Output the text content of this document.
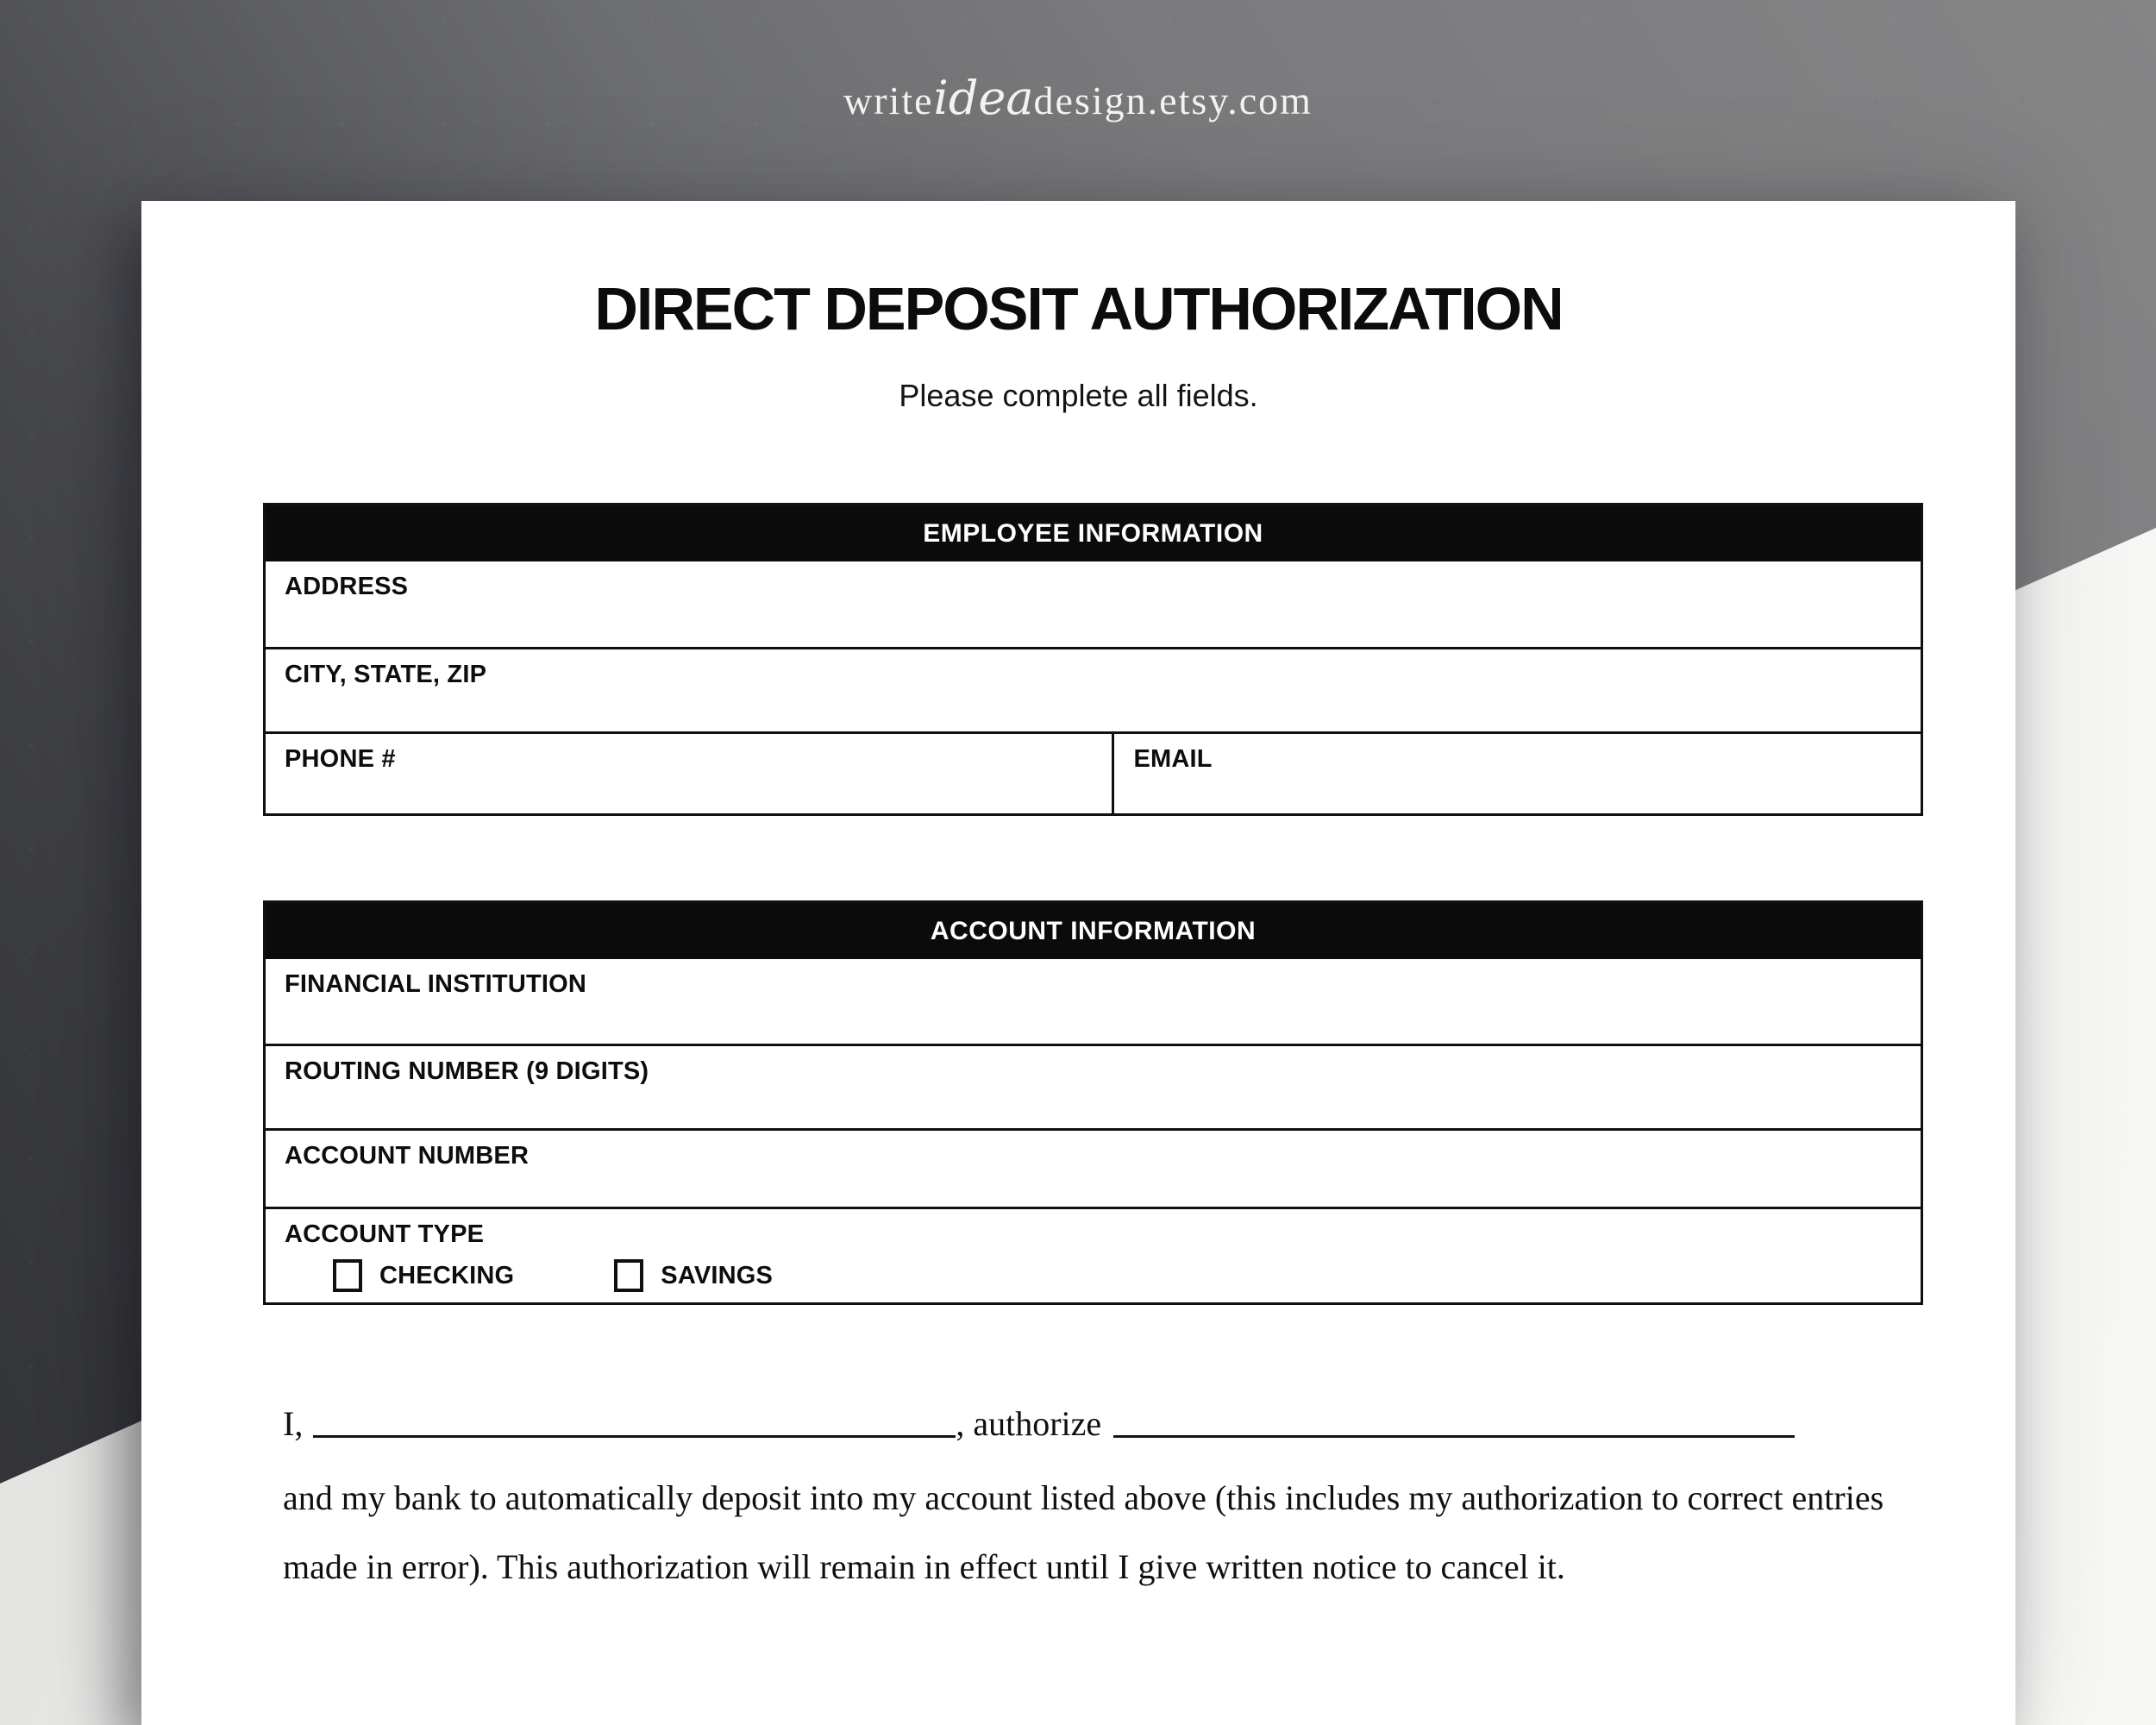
writeideadesign.etsy.com
DIRECT DEPOSIT AUTHORIZATION
Please complete all fields.
EMPLOYEE INFORMATION
ADDRESS
CITY, STATE, ZIP
PHONE #	EMAIL
ACCOUNT INFORMATION
FINANCIAL INSTITUTION
ROUTING NUMBER (9 DIGITS)
ACCOUNT NUMBER
ACCOUNT TYPE
CHECKING	SAVINGS
I,	, authorize

and my bank to automatically deposit into my account listed above (this includes my authorization to correct entries made in error). This authorization will remain in effect until I give written notice to cancel it.
